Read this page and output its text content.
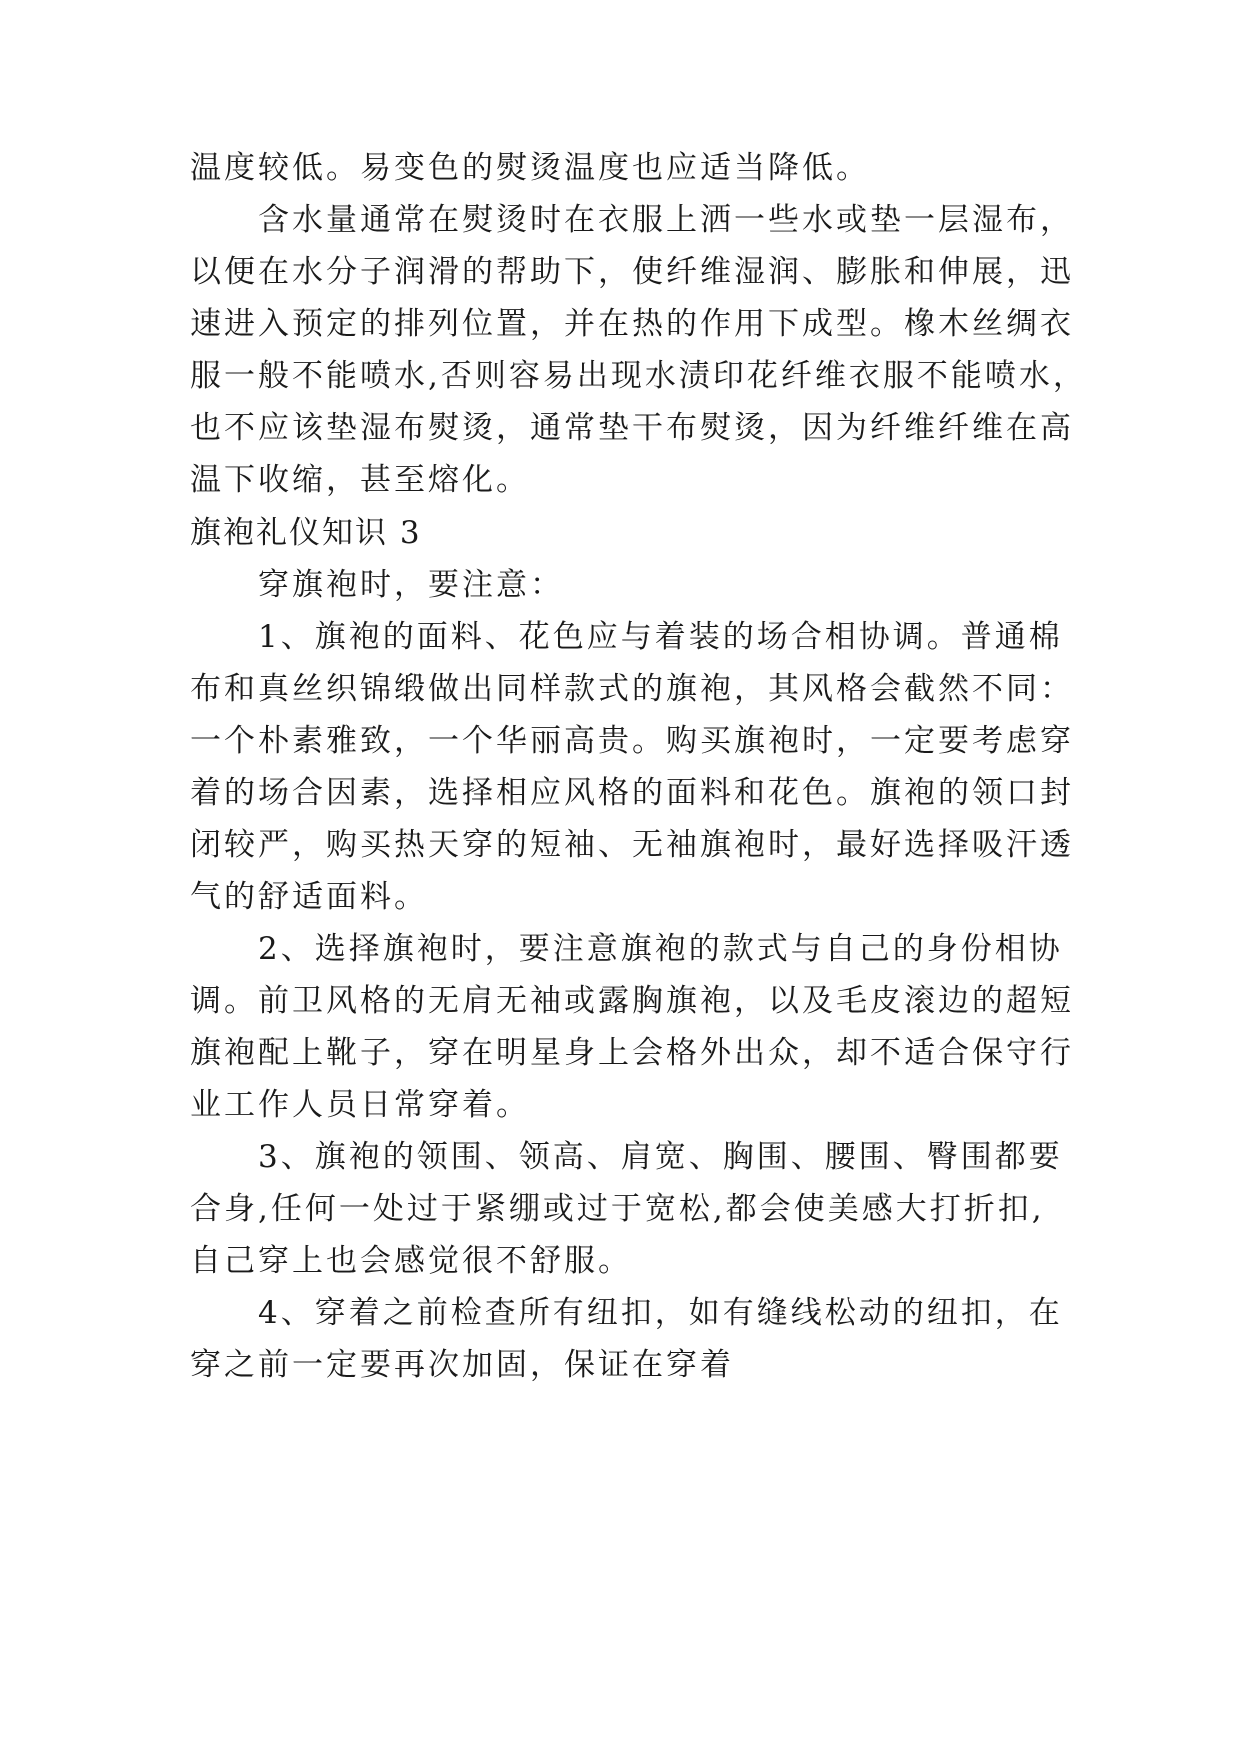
温度较低。易变色的熨烫温度也应适当降低。
含水量通常在熨烫时在衣服上洒一些水或垫一层湿布，
以便在水分子润滑的帮助下，使纤维湿润、膨胀和伸展，迅
速进入预定的排列位置，并在热的作用下成型。橡木丝绸衣
服一般不能喷水,否则容易出现水渍印花纤维衣服不能喷水，
也不应该垫湿布熨烫，通常垫干布熨烫，因为纤维纤维在高
温下收缩，甚至熔化。
旗袍礼仪知识 3
穿旗袍时，要注意：
1、旗袍的面料、花色应与着装的场合相协调。普通棉
布和真丝织锦缎做出同样款式的旗袍，其风格会截然不同：
一个朴素雅致，一个华丽高贵。购买旗袍时，一定要考虑穿
着的场合因素，选择相应风格的面料和花色。旗袍的领口封
闭较严，购买热天穿的短袖、无袖旗袍时，最好选择吸汗透
气的舒适面料。
2、选择旗袍时，要注意旗袍的款式与自己的身份相协
调。前卫风格的无肩无袖或露胸旗袍，以及毛皮滚边的超短
旗袍配上靴子，穿在明星身上会格外出众，却不适合保守行
业工作人员日常穿着。
3、旗袍的领围、领高、肩宽、胸围、腰围、臀围都要
合身,任何一处过于紧绷或过于宽松,都会使美感大打折扣,
自己穿上也会感觉很不舒服。
4、穿着之前检查所有纽扣，如有缝线松动的纽扣，在
穿之前一定要再次加固，保证在穿着
